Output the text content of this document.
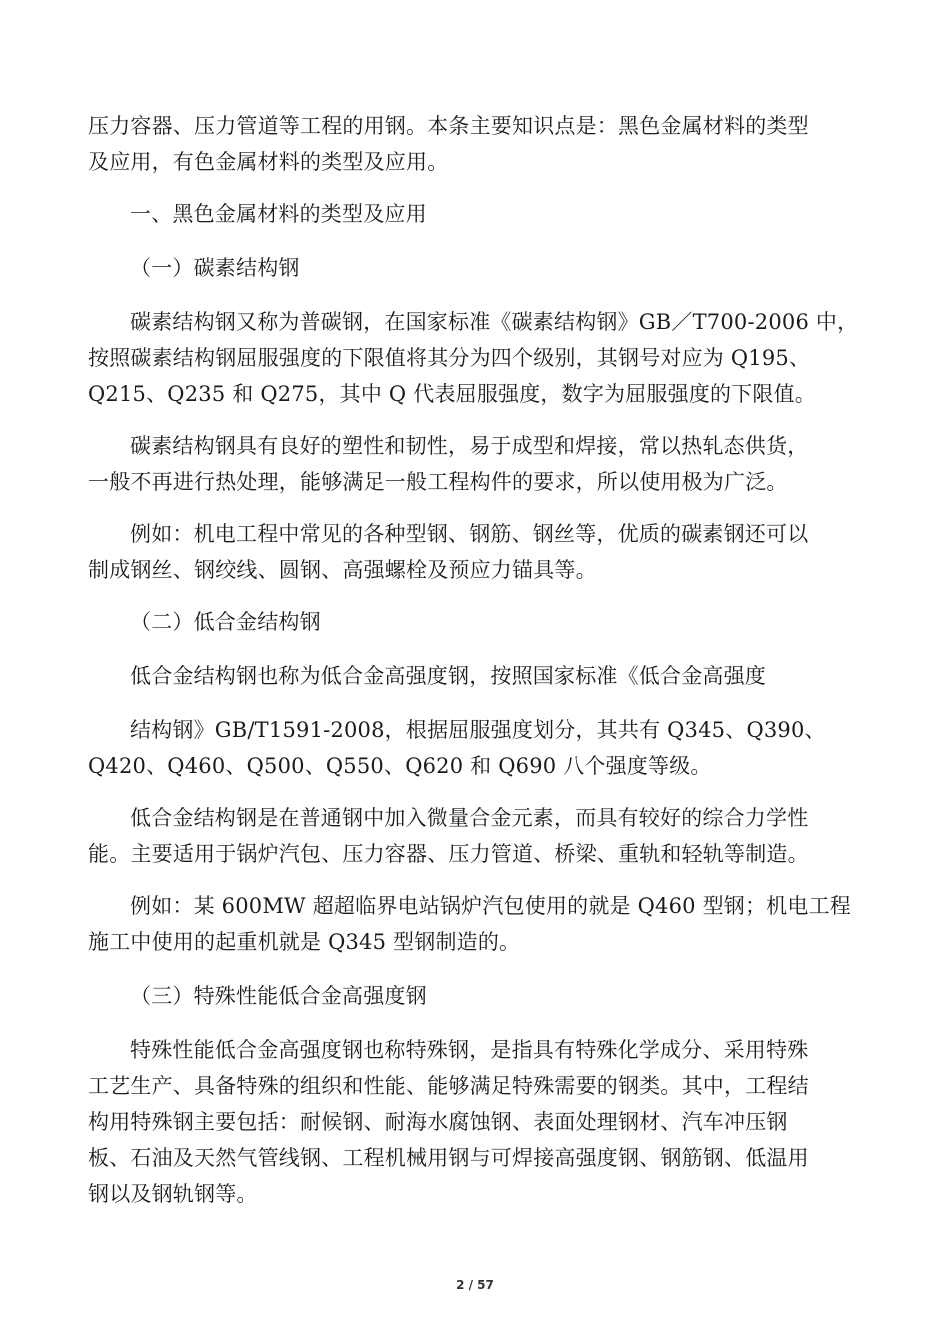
压力容器、压力管道等工程的用钢。本条主要知识点是：黑色金属材料的类型
及应用，有色金属材料的类型及应用。
一、黑色金属材料的类型及应用
（一）碳素结构钢
碳素结构钢又称为普碳钢，在国家标准《碳素结构钢》GB／T700-2006 中，
按照碳素结构钢屈服强度的下限值将其分为四个级别，其钢号对应为 Q195、
Q215、Q235 和 Q275，其中 Q 代表屈服强度，数字为屈服强度的下限值。
碳素结构钢具有良好的塑性和韧性，易于成型和焊接，常以热轧态供货，
一般不再进行热处理，能够满足一般工程构件的要求，所以使用极为广泛。
例如：机电工程中常见的各种型钢、钢筋、钢丝等，优质的碳素钢还可以
制成钢丝、钢绞线、圆钢、高强螺栓及预应力锚具等。
（二）低合金结构钢
低合金结构钢也称为低合金高强度钢，按照国家标准《低合金高强度
结构钢》GB/T1591-2008，根据屈服强度划分，其共有 Q345、Q390、
Q420、Q460、Q500、Q550、Q620 和 Q690 八个强度等级。
低合金结构钢是在普通钢中加入微量合金元素，而具有较好的综合力学性
能。主要适用于锅炉汽包、压力容器、压力管道、桥梁、重轨和轻轨等制造。
例如：某 600MW 超超临界电站锅炉汽包使用的就是 Q460 型钢；机电工程
施工中使用的起重机就是 Q345 型钢制造的。
（三）特殊性能低合金高强度钢
特殊性能低合金高强度钢也称特殊钢，是指具有特殊化学成分、采用特殊
工艺生产、具备特殊的组织和性能、能够满足特殊需要的钢类。其中，工程结
构用特殊钢主要包括：耐候钢、耐海水腐蚀钢、表面处理钢材、汽车冲压钢
板、石油及天然气管线钢、工程机械用钢与可焊接高强度钢、钢筋钢、低温用
钢以及钢轨钢等。
2 / 57
